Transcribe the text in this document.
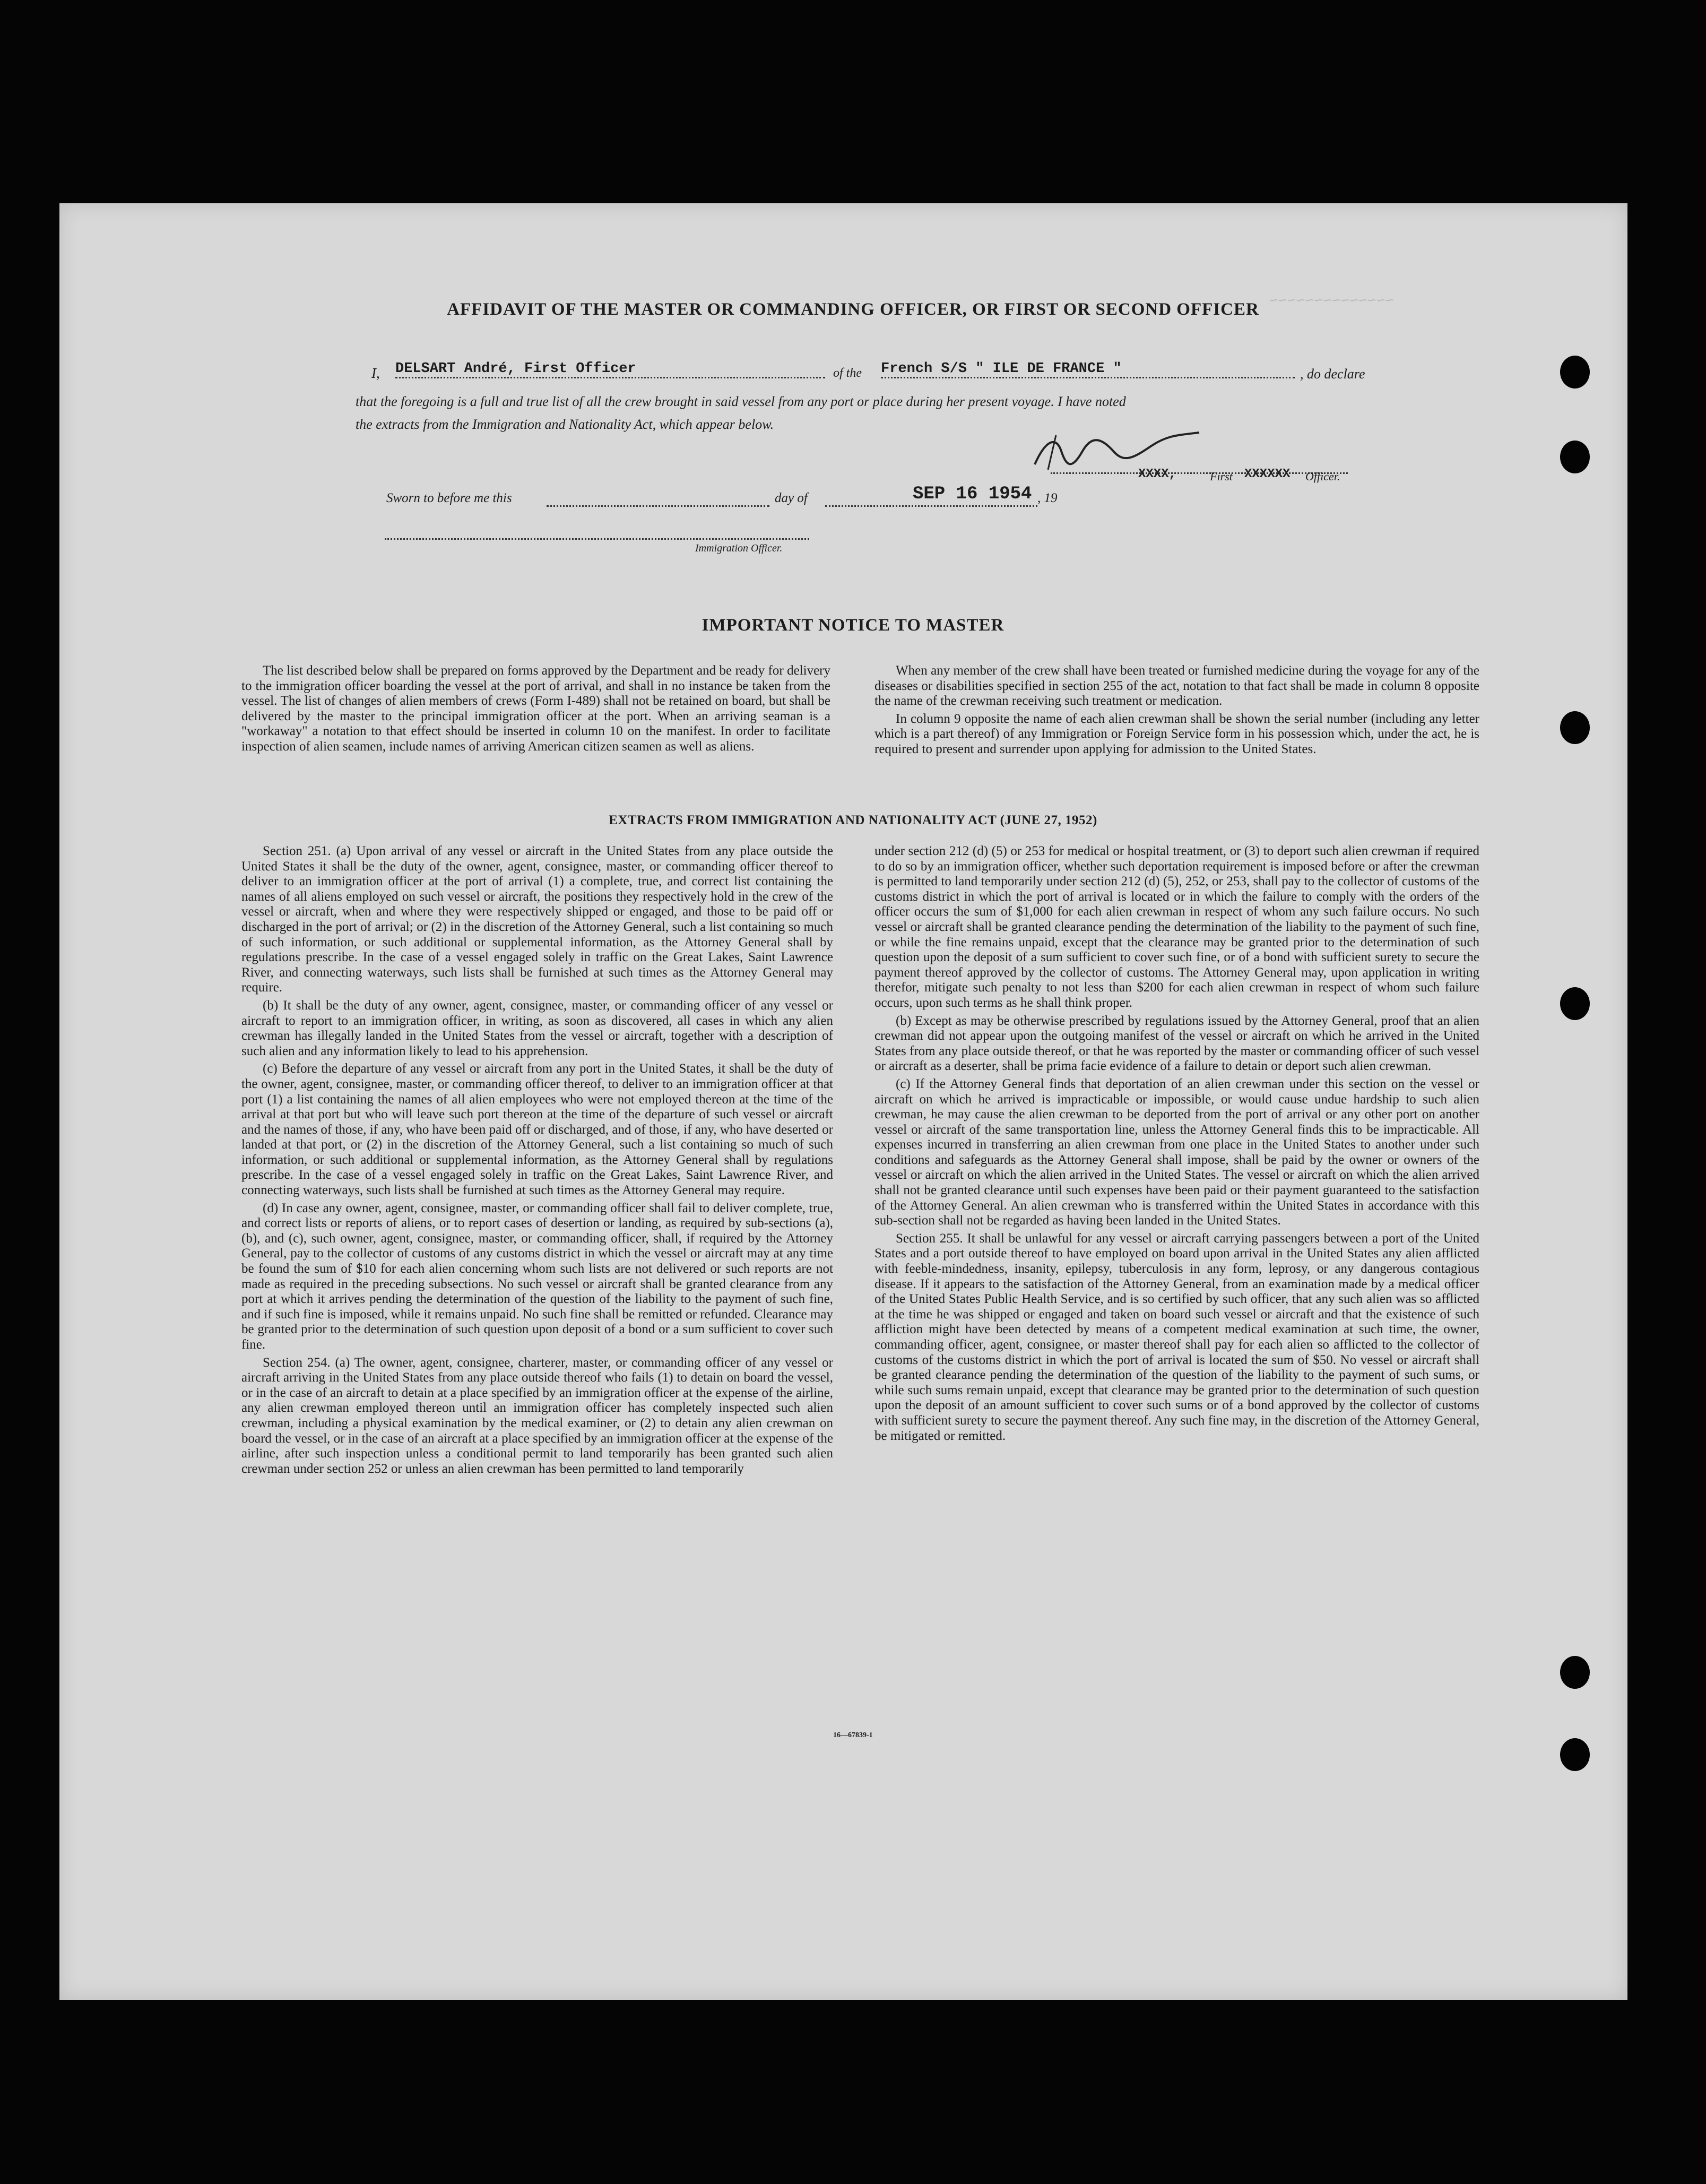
~~~~~~~~~~~~~~
AFFIDAVIT OF THE MASTER OR COMMANDING OFFICER, OR FIRST OR SECOND OFFICER
I, DELSART André, First Officer	of the French S/S " ILE DE FRANCE "	, do declare
that the foregoing is a full and true list of all the crew brought in said vessel from any port or place during her present voyage. I have noted
the extracts from the Immigration and Nationality Act, which appear below.
XXXX,	First XXXXXX Officer.
Sworn to before me this	day of	SEP 16 1954 , 19
Immigration Officer.
IMPORTANT NOTICE TO MASTER

The list described below shall be prepared on forms approved by the Department and be ready for delivery to the immigration officer boarding the vessel at the port of arrival, and shall in no instance be taken from the vessel. The list of changes of alien members of crews (Form I-489) shall not be retained on board, but shall be delivered by the master to the principal immigration officer at the port. When an arriving seaman is a "workaway" a notation to that effect should be inserted in column 10 on the manifest. In order to facilitate inspection of alien seamen, include names of arriving American citizen seamen as well as aliens.

When any member of the crew shall have been treated or furnished medicine during the voyage for any of the diseases or disabilities specified in section 255 of the act, notation to that fact shall be made in column 8 opposite the name of the crewman receiving such treatment or medication.

In column 9 opposite the name of each alien crewman shall be shown the serial number (including any letter which is a part thereof) of any Immigration or Foreign Service form in his possession which, under the act, he is required to present and surrender upon applying for admission to the United States.

EXTRACTS FROM IMMIGRATION AND NATIONALITY ACT (JUNE 27, 1952)

Section 251. (a) Upon arrival of any vessel or aircraft in the United States from any place outside the United States it shall be the duty of the owner, agent, consignee, master, or commanding officer thereof to deliver to an immigration officer at the port of arrival (1) a complete, true, and correct list containing the names of all aliens employed on such vessel or aircraft, the positions they respectively hold in the crew of the vessel or aircraft, when and where they were respectively shipped or engaged, and those to be paid off or discharged in the port of arrival; or (2) in the discretion of the Attorney General, such a list containing so much of such information, or such additional or supplemental information, as the Attorney General shall by regulations prescribe. In the case of a vessel engaged solely in traffic on the Great Lakes, Saint Lawrence River, and connecting waterways, such lists shall be furnished at such times as the Attorney General may require.

(b) It shall be the duty of any owner, agent, consignee, master, or commanding officer of any vessel or aircraft to report to an immigration officer, in writing, as soon as discovered, all cases in which any alien crewman has illegally landed in the United States from the vessel or aircraft, together with a description of such alien and any information likely to lead to his apprehension.

(c) Before the departure of any vessel or aircraft from any port in the United States, it shall be the duty of the owner, agent, consignee, master, or commanding officer thereof, to deliver to an immigration officer at that port (1) a list containing the names of all alien employees who were not employed thereon at the time of the arrival at that port but who will leave such port thereon at the time of the departure of such vessel or aircraft and the names of those, if any, who have been paid off or discharged, and of those, if any, who have deserted or landed at that port, or (2) in the discretion of the Attorney General, such a list containing so much of such information, or such additional or supplemental information, as the Attorney General shall by regulations prescribe. In the case of a vessel engaged solely in traffic on the Great Lakes, Saint Lawrence River, and connecting waterways, such lists shall be furnished at such times as the Attorney General may require.

(d) In case any owner, agent, consignee, master, or commanding officer shall fail to deliver complete, true, and correct lists or reports of aliens, or to report cases of desertion or landing, as required by sub-sections (a), (b), and (c), such owner, agent, consignee, master, or commanding officer, shall, if required by the Attorney General, pay to the collector of customs of any customs district in which the vessel or aircraft may at any time be found the sum of $10 for each alien concerning whom such lists are not delivered or such reports are not made as required in the preceding subsections. No such vessel or aircraft shall be granted clearance from any port at which it arrives pending the determination of the question of the liability to the payment of such fine, and if such fine is imposed, while it remains unpaid. No such fine shall be remitted or refunded. Clearance may be granted prior to the determination of such question upon deposit of a bond or a sum sufficient to cover such fine.

Section 254. (a) The owner, agent, consignee, charterer, master, or commanding officer of any vessel or aircraft arriving in the United States from any place outside thereof who fails (1) to detain on board the vessel, or in the case of an aircraft to detain at a place specified by an immigration officer at the expense of the airline, any alien crewman employed thereon until an immigration officer has completely inspected such alien crewman, including a physical examination by the medical examiner, or (2) to detain any alien crewman on board the vessel, or in the case of an aircraft at a place specified by an immigration officer at the expense of the airline, after such inspection unless a conditional permit to land temporarily has been granted such alien crewman under section 252 or unless an alien crewman has been permitted to land temporarily

under section 212 (d) (5) or 253 for medical or hospital treatment, or (3) to deport such alien crewman if required to do so by an immigration officer, whether such deportation requirement is imposed before or after the crewman is permitted to land temporarily under section 212 (d) (5), 252, or 253, shall pay to the collector of customs of the customs district in which the port of arrival is located or in which the failure to comply with the orders of the officer occurs the sum of $1,000 for each alien crewman in respect of whom any such failure occurs. No such vessel or aircraft shall be granted clearance pending the determination of the liability to the payment of such fine, or while the fine remains unpaid, except that the clearance may be granted prior to the determination of such question upon the deposit of a sum sufficient to cover such fine, or of a bond with sufficient surety to secure the payment thereof approved by the collector of customs. The Attorney General may, upon application in writing therefor, mitigate such penalty to not less than $200 for each alien crewman in respect of whom such failure occurs, upon such terms as he shall think proper.

(b) Except as may be otherwise prescribed by regulations issued by the Attorney General, proof that an alien crewman did not appear upon the outgoing manifest of the vessel or aircraft on which he arrived in the United States from any place outside thereof, or that he was reported by the master or commanding officer of such vessel or aircraft as a deserter, shall be prima facie evidence of a failure to detain or deport such alien crewman.

(c) If the Attorney General finds that deportation of an alien crewman under this section on the vessel or aircraft on which he arrived is impracticable or impossible, or would cause undue hardship to such alien crewman, he may cause the alien crewman to be deported from the port of arrival or any other port on another vessel or aircraft of the same transportation line, unless the Attorney General finds this to be impracticable. All expenses incurred in transferring an alien crewman from one place in the United States to another under such conditions and safeguards as the Attorney General shall impose, shall be paid by the owner or owners of the vessel or aircraft on which the alien arrived in the United States. The vessel or aircraft on which the alien arrived shall not be granted clearance until such expenses have been paid or their payment guaranteed to the satisfaction of the Attorney General. An alien crewman who is transferred within the United States in accordance with this sub-section shall not be regarded as having been landed in the United States.

Section 255. It shall be unlawful for any vessel or aircraft carrying passengers between a port of the United States and a port outside thereof to have employed on board upon arrival in the United States any alien afflicted with feeble-mindedness, insanity, epilepsy, tuberculosis in any form, leprosy, or any dangerous contagious disease. If it appears to the satisfaction of the Attorney General, from an examination made by a medical officer of the United States Public Health Service, and is so certified by such officer, that any such alien was so afflicted at the time he was shipped or engaged and taken on board such vessel or aircraft and that the existence of such affliction might have been detected by means of a competent medical examination at such time, the owner, commanding officer, agent, consignee, or master thereof shall pay for each alien so afflicted to the collector of customs of the customs district in which the port of arrival is located the sum of $50. No vessel or aircraft shall be granted clearance pending the determination of the question of the liability to the payment of such sums, or while such sums remain unpaid, except that clearance may be granted prior to the determination of such question upon the deposit of an amount sufficient to cover such sums or of a bond approved by the collector of customs with sufficient surety to secure the payment thereof. Any such fine may, in the discretion of the Attorney General, be mitigated or remitted.

16—67839-1
